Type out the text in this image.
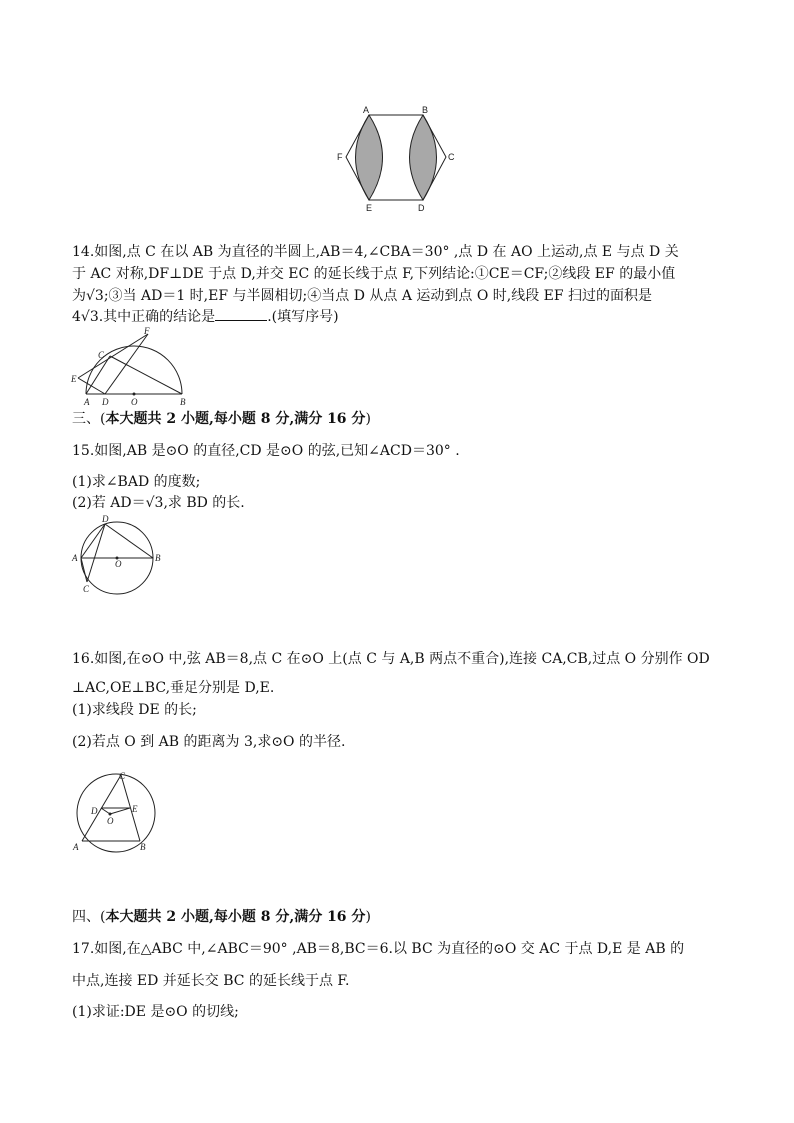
A	B
C
D
E
F
14.如图,点 C 在以 AB 为直径的半圆上,AB＝4,∠CBA＝30° ,点 D 在 AO 上运动,点 E 与点 D 关
于 AC 对称,DF⊥DE 于点 D,并交 EC 的延长线于点 F,下列结论:①CE＝CF;②线段 EF 的最小值
为√3;③当 AD＝1 时,EF 与半圆相切;④当点 D 从点 A 运动到点 O 时,线段 EF 扫过的面积是
4√3.其中正确的结论是	.(填写序号)
F
C
E
A D	O	B
三、(本大题共 2 小题,每小题 8 分,满分 16 分)
15.如图,AB 是⊙O 的直径,CD 是⊙O 的弦,已知∠ACD＝30° .
(1)求∠BAD 的度数;
(2)若 AD＝√3,求 BD 的长.
D
A	B
O
C
16.如图,在⊙O 中,弦 AB＝8,点 C 在⊙O 上(点 C 与 A,B 两点不重合),连接 CA,CB,过点 O 分别作 OD
⊥AC,OE⊥BC,垂足分别是 D,E.
(1)求线段 DE 的长;
(2)若点 O 到 AB 的距离为 3,求⊙O 的半径.
C
D	E
O
A	B
四、(本大题共 2 小题,每小题 8 分,满分 16 分)
17.如图,在△ABC 中,∠ABC＝90° ,AB＝8,BC＝6.以 BC 为直径的⊙O 交 AC 于点 D,E 是 AB 的
中点,连接 ED 并延长交 BC 的延长线于点 F.
(1)求证:DE 是⊙O 的切线;
